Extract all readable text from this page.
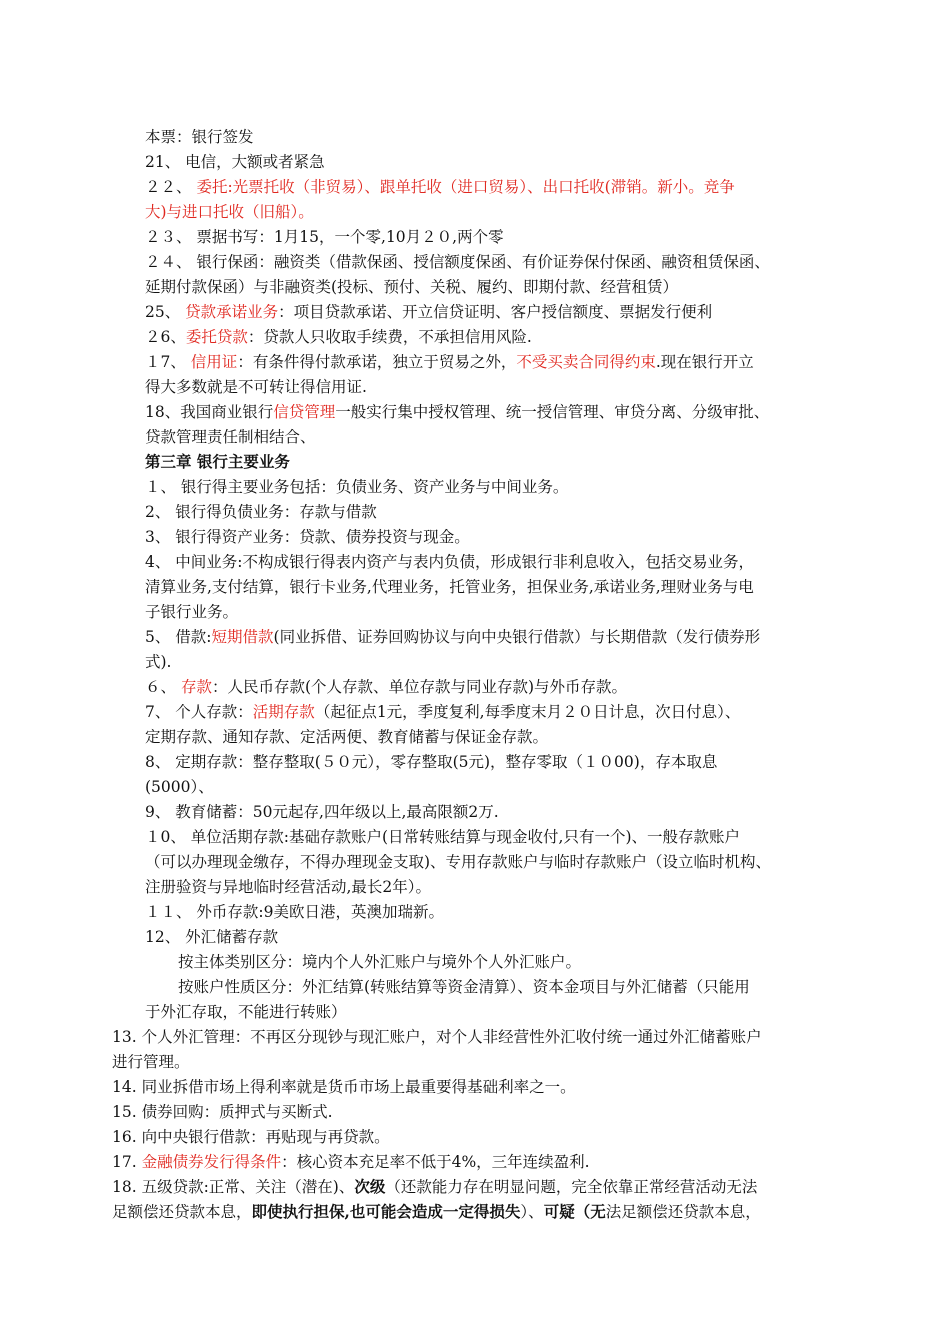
本票：银行签发
21、 电信，大额或者紧急
２２、 委托:光票托收（非贸易）、跟单托收（进口贸易）、出口托收(滞销。新小。竞争
大)与进口托收（旧船）。
２３、 票据书写：1月15，一个零,10月２０,两个零
２４、 银行保函：融资类（借款保函、授信额度保函、有价证券保付保函、融资租赁保函、
延期付款保函）与非融资类(投标、预付、关税、履约、即期付款、经营租赁）
25、 贷款承诺业务：项目贷款承诺、开立信贷证明、客户授信额度、票据发行便利
２6、委托贷款：贷款人只收取手续费，不承担信用风险.
１7、 信用证：有条件得付款承诺，独立于贸易之外，不受买卖合同得约束.现在银行开立
得大多数就是不可转让得信用证.
18、我国商业银行信贷管理一般实行集中授权管理、统一授信管理、审贷分离、分级审批、
贷款管理责任制相结合、
第三章 银行主要业务
１、 银行得主要业务包括：负债业务、资产业务与中间业务。
2、 银行得负债业务：存款与借款
3、 银行得资产业务：贷款、债券投资与现金。
4、 中间业务:不构成银行得表内资产与表内负债，形成银行非利息收入，包括交易业务，
清算业务,支付结算，银行卡业务,代理业务，托管业务，担保业务,承诺业务,理财业务与电
子银行业务。
5、 借款:短期借款(同业拆借、证券回购协议与向中央银行借款）与长期借款（发行债券形
式).
６、 存款：人民币存款(个人存款、单位存款与同业存款)与外币存款。
7、 个人存款：活期存款（起征点1元，季度复利,每季度末月２０日计息，次日付息）、
定期存款、通知存款、定活两便、教育储蓄与保证金存款。
8、 定期存款：整存整取(５０元），零存整取(5元)，整存零取（１０00)，存本取息
(5000）、
9、 教育储蓄：50元起存,四年级以上,最高限额2万.
１0、 单位活期存款:基础存款账户(日常转账结算与现金收付,只有一个)、一般存款账户
（可以办理现金缴存，不得办理现金支取)、专用存款账户与临时存款账户（设立临时机构、
注册验资与异地临时经营活动,最长2年）。
１１、 外币存款:9美欧日港，英澳加瑞新。
12、 外汇储蓄存款
按主体类别区分：境内个人外汇账户与境外个人外汇账户。
按账户性质区分：外汇结算(转账结算等资金清算）、资本金项目与外汇储蓄（只能用
于外汇存取，不能进行转账）
13. 个人外汇管理：不再区分现钞与现汇账户，对个人非经营性外汇收付统一通过外汇储蓄账户
进行管理。
14. 同业拆借市场上得利率就是货币市场上最重要得基础利率之一。
15. 债券回购：质押式与买断式.
16. 向中央银行借款：再贴现与再贷款。
17. 金融债券发行得条件：核心资本充足率不低于4%，三年连续盈利.
18. 五级贷款:正常、关注（潜在)、次级（还款能力存在明显问题，完全依靠正常经营活动无法
足额偿还贷款本息，即使执行担保,也可能会造成一定得损失）、可疑（无法足额偿还贷款本息，
